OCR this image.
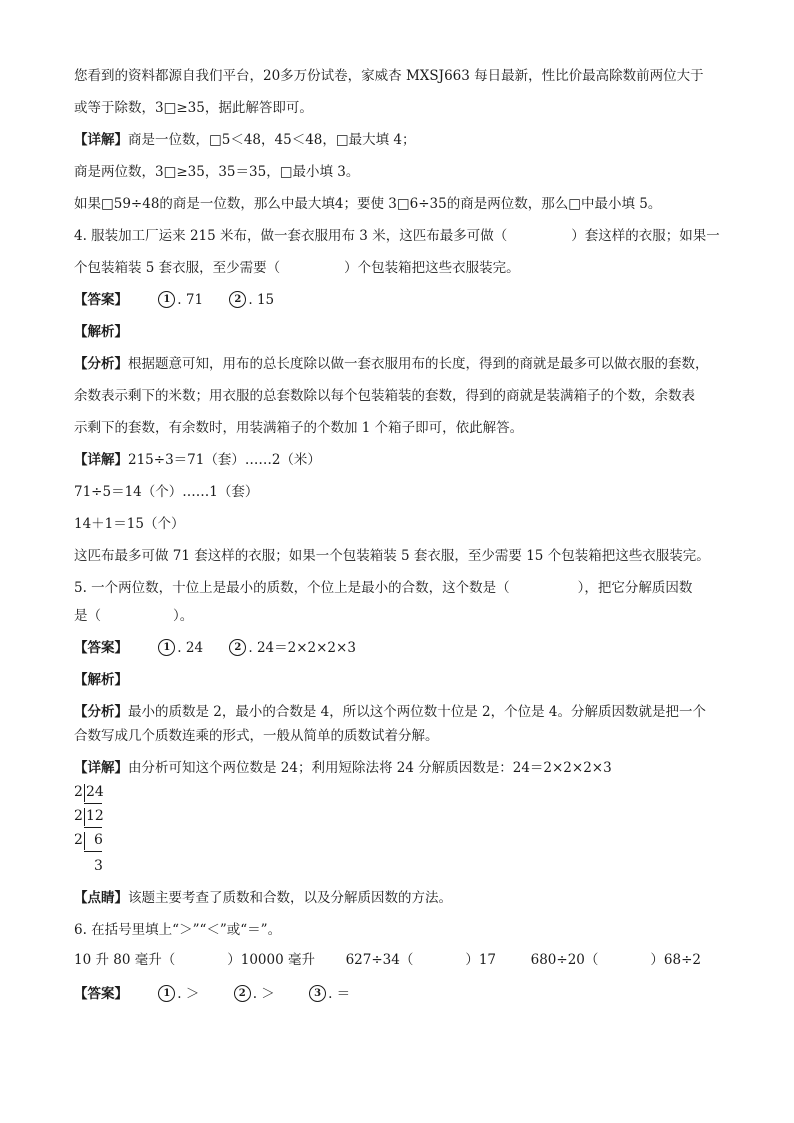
您看到的资料都源自我们平台，20多万份试卷，家威杏 MXSJ663 每日最新，性比价最高除数前两位大于
或等于除数，3□≥35，据此解答即可。
【详解】商是一位数，□5＜48，45＜48，□最大填 4；
商是两位数，3□≥35，35＝35，□最小填 3。
如果□59÷48的商是一位数，那么中最大填4；要使 3□6÷35的商是两位数，那么□中最小填 5。
4. 服装加工厂运来 215 米布，做一套衣服用布 3 米，这匹布最多可做（	）套这样的衣服；如果一
个包装箱装 5 套衣服，至少需要（	）个包装箱把这些衣服装完。
【答案】	1 . 71	2 . 15
【解析】
【分析】根据题意可知，用布的总长度除以做一套衣服用布的长度，得到的商就是最多可以做衣服的套数，
余数表示剩下的米数；用衣服的总套数除以每个包装箱装的套数，得到的商就是装满箱子的个数，余数表
示剩下的套数，有余数时，用装满箱子的个数加 1 个箱子即可，依此解答。
【详解】215÷3＝71（套）……2（米）
71÷5＝14（个）……1（套）
14＋1＝15（个）
这匹布最多可做 71 套这样的衣服；如果一个包装箱装 5 套衣服，至少需要 15 个包装箱把这些衣服装完。
5. 一个两位数，十位上是最小的质数，个位上是最小的合数，这个数是（	），把它分解质因数
是（	）。
【答案】	1 . 24	2 . 24＝2×2×2×3
【解析】
【分析】最小的质数是 2，最小的合数是 4，所以这个两位数十位是 2，个位是 4。分解质因数就是把一个
合数写成几个质数连乘的形式，一般从简单的质数试着分解。
【详解】由分析可知这个两位数是 24；利用短除法将 24 分解质因数是：24＝2×2×2×3
2 24
2 12
2 6
3
【点睛】该题主要考查了质数和合数，以及分解质因数的方法。
6. 在括号里填上“＞”“＜”或“＝”。
10 升 80 毫升（	）10000 毫升 627÷34（	）17	680÷20（	）68÷2
【答案】	1 . ＞	2 . ＞	3 . ＝
